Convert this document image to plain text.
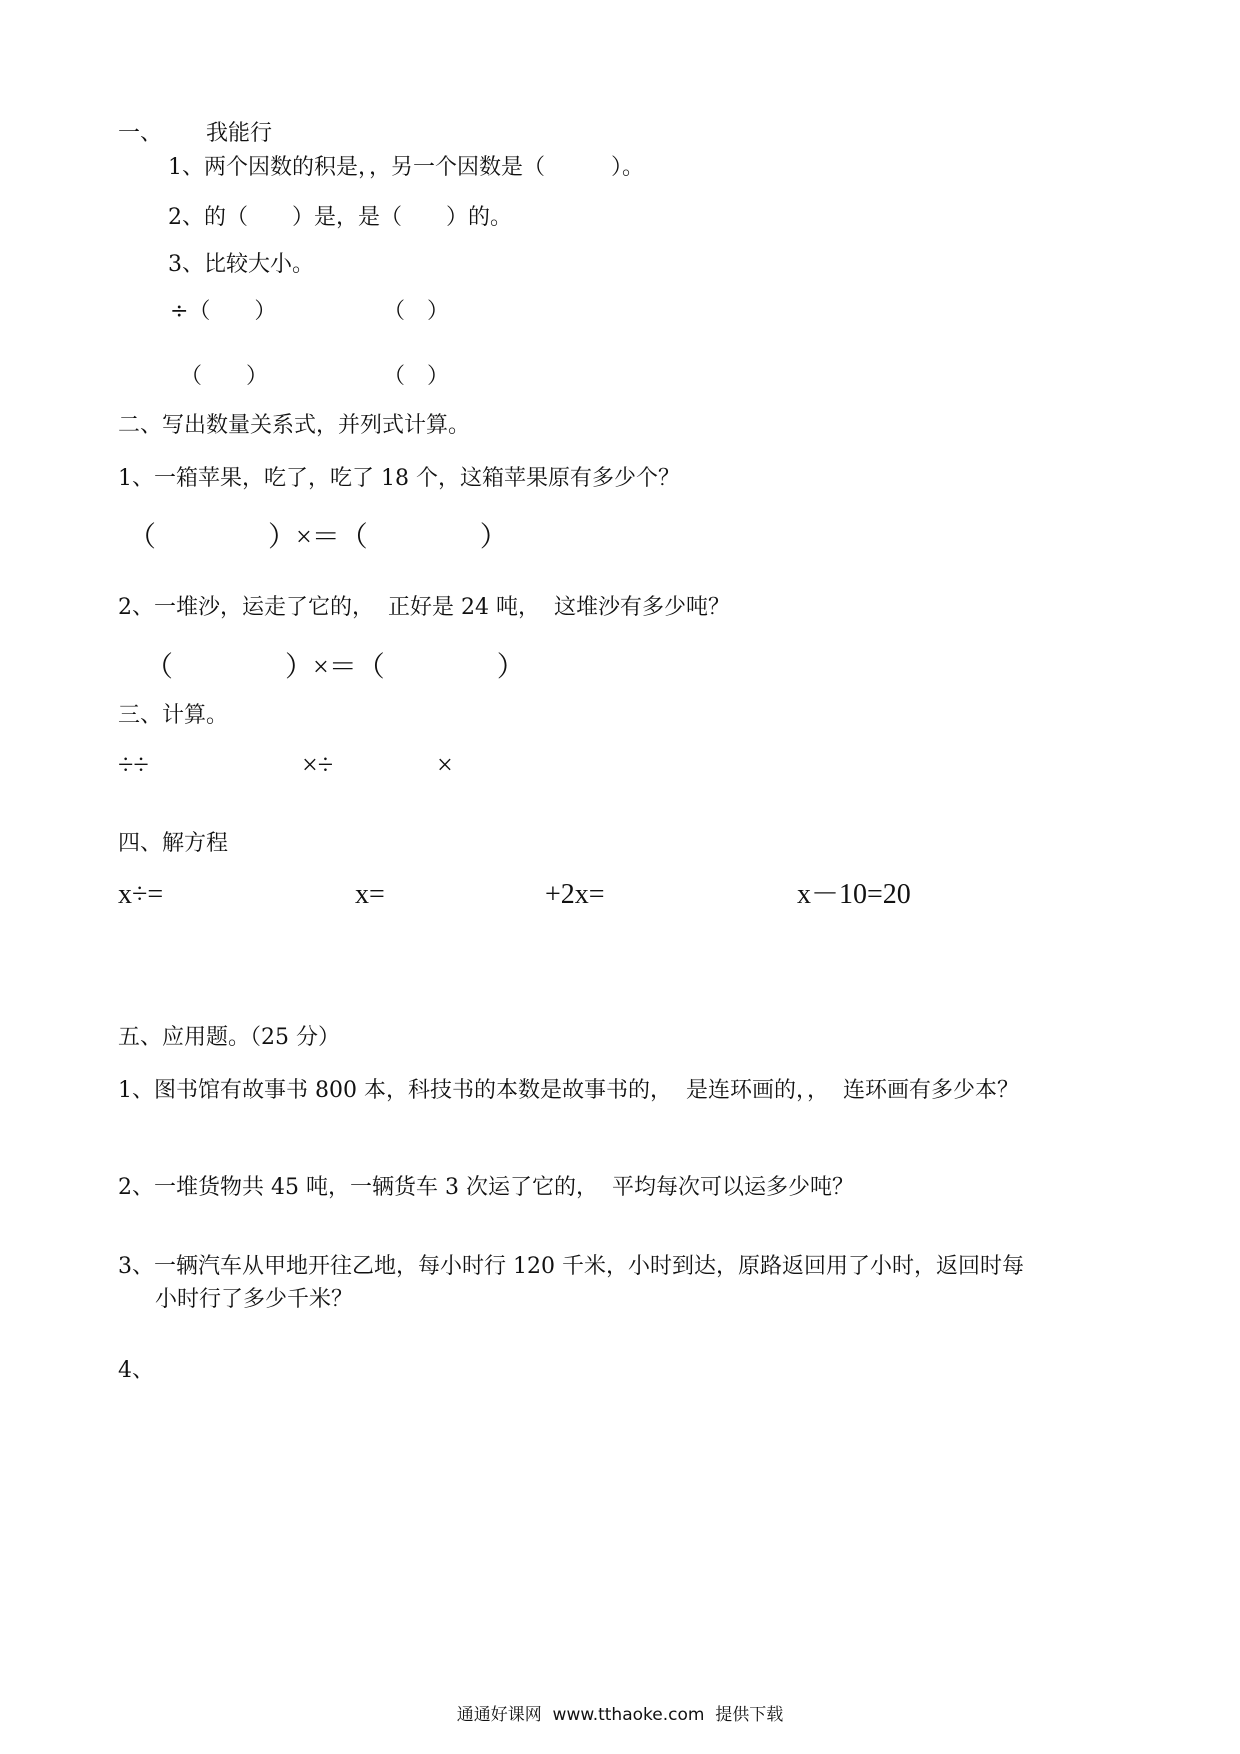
一、 我能行
1、两个因数的积是，，另一个因数是（　　　）。
2、的（　　）是，是（　　）的。
3、比较大小。
÷（　　）	（　）
（　　）	（　）
二、写出数量关系式，并列式计算。
1、一箱苹果，吃了，吃了 18 个，这箱苹果原有多少个？
（　　　　）×＝（　　　　）
2、一堆沙，运走了它的，  正好是 24 吨，  这堆沙有多少吨？
（　　　　）×＝（　　　　）
三、计算。
÷÷	×÷	×
四、解方程
x÷=	x=	+2x=	x－10=20
五、应用题。（25 分）
1、图书馆有故事书 800 本，科技书的本数是故事书的，  是连环画的，，  连环画有多少本？
2、一堆货物共 45 吨，一辆货车 3 次运了它的，  平均每次可以运多少吨？
3、一辆汽车从甲地开往乙地，每小时行 120 千米，小时到达，原路返回用了小时，返回时每
小时行了多少千米？
4、
通通好课网  www.tthaoke.com  提供下载
